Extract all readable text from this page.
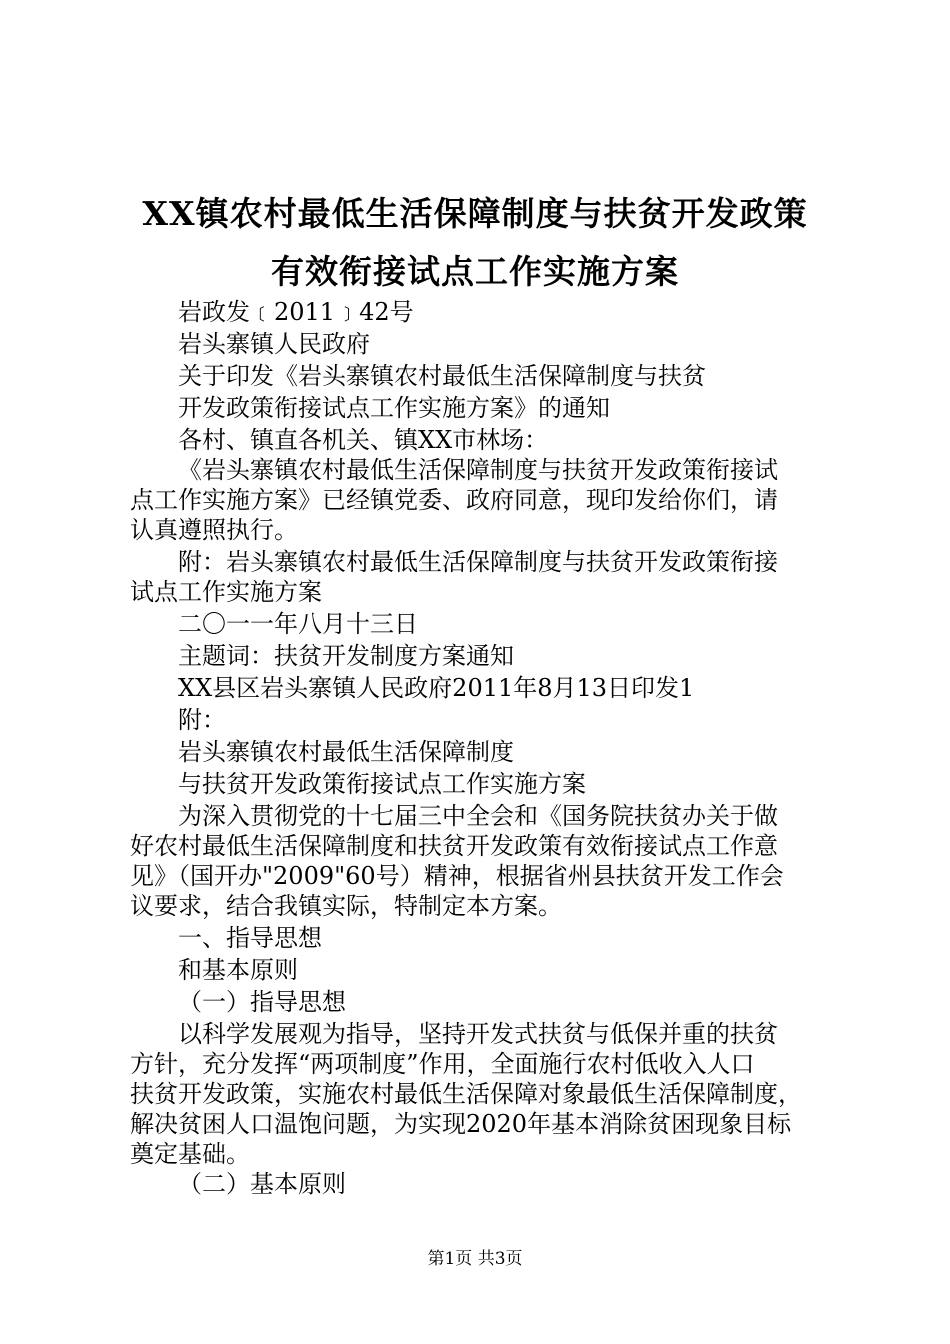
XX镇农村最低生活保障制度与扶贫开发政策
有效衔接试点工作实施方案
岩政发﹝2011﹞42号
岩头寨镇人民政府
关于印发《岩头寨镇农村最低生活保障制度与扶贫
开发政策衔接试点工作实施方案》的通知
各村、镇直各机关、镇XX市林场：
《岩头寨镇农村最低生活保障制度与扶贫开发政策衔接试
点工作实施方案》已经镇党委、政府同意，现印发给你们，请
认真遵照执行。
附：岩头寨镇农村最低生活保障制度与扶贫开发政策衔接
试点工作实施方案
二〇一一年八月十三日
主题词：扶贫开发制度方案通知
XX县区岩头寨镇人民政府2011年8月13日印发1
附：
岩头寨镇农村最低生活保障制度
与扶贫开发政策衔接试点工作实施方案
为深入贯彻党的十七届三中全会和《国务院扶贫办关于做
好农村最低生活保障制度和扶贫开发政策有效衔接试点工作意
见》（国开办"2009"60号）精神，根据省州县扶贫开发工作会
议要求，结合我镇实际，特制定本方案。
一、指导思想
和基本原则
（一）指导思想
以科学发展观为指导，坚持开发式扶贫与低保并重的扶贫
方针，充分发挥“两项制度”作用，全面施行农村低收入人口
扶贫开发政策，实施农村最低生活保障对象最低生活保障制度，
解决贫困人口温饱问题，为实现2020年基本消除贫困现象目标
奠定基础。
（二）基本原则
第1页 共3页
